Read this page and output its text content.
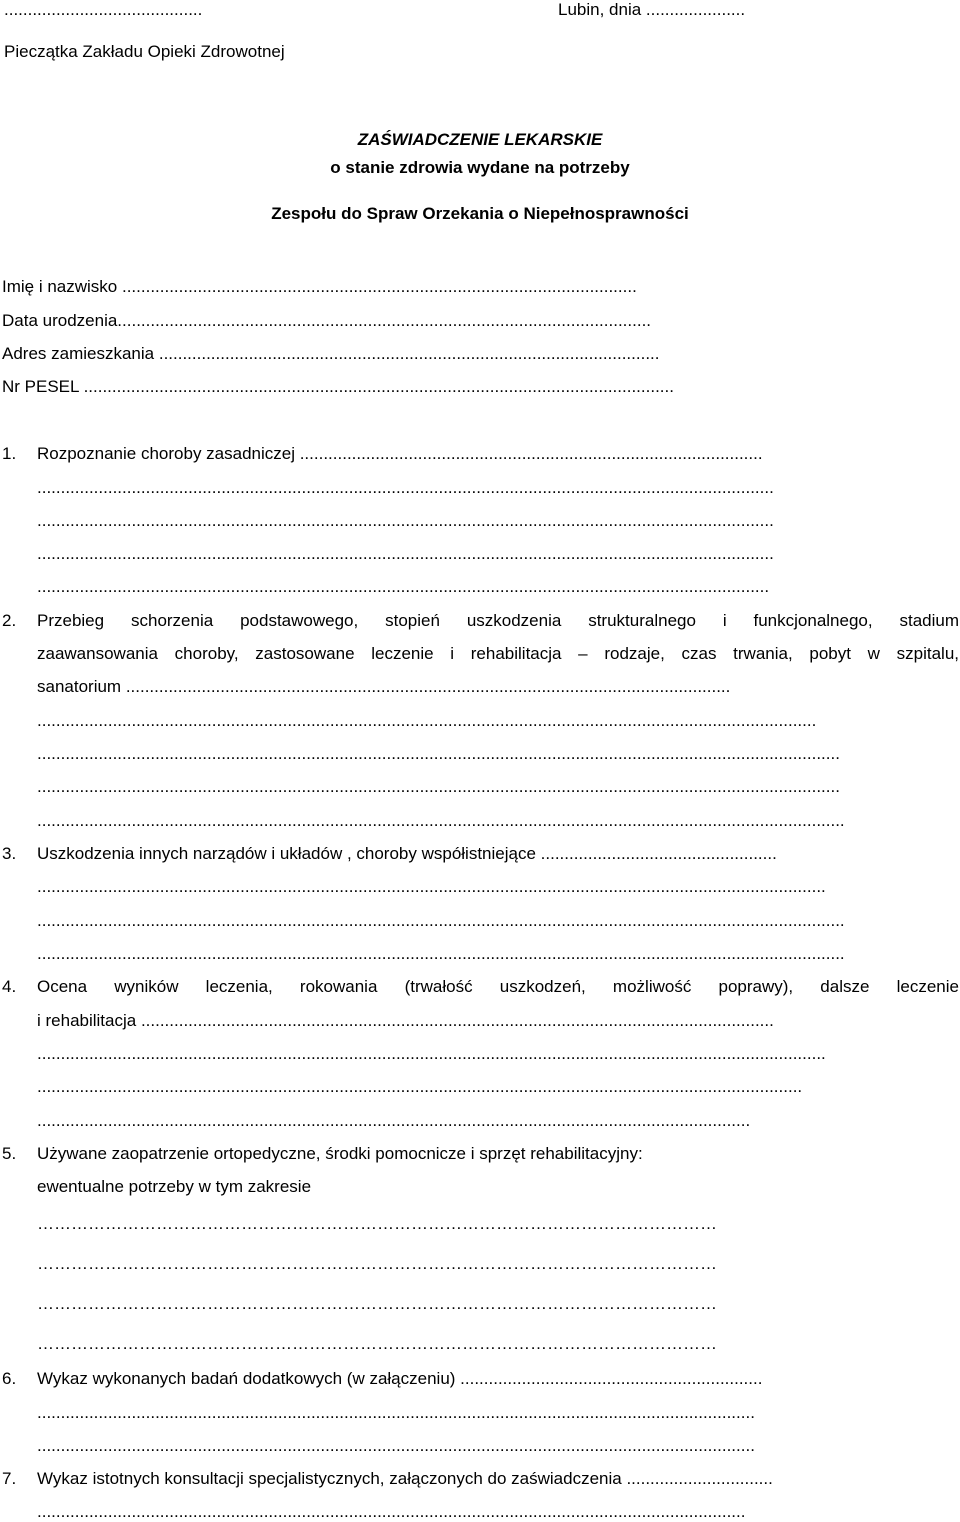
..........................................
Pieczątka Zakładu Opieki Zdrowotnej
Lubin, dnia .....................
ZAŚWIADCZENIE LEKARSKIE
o stanie zdrowia wydane na potrzeby
Zespołu do Spraw Orzekania o Niepełnosprawności
Imię i nazwisko .............................................................................................................
Data urodzenia.................................................................................................................
Adres zamieszkania ..........................................................................................................
Nr PESEL .............................................................................................................................
1. Rozpoznanie choroby zasadniczej ..................................................................................................
............................................................................................................................................................
............................................................................................................................................................
............................................................................................................................................................
...........................................................................................................................................................
2. Przebieg schorzenia podstawowego, stopień uszkodzenia strukturalnego i funkcjonalnego, stadium
zaawansowania choroby, zastosowane leczenie i rehabilitacja – rodzaje, czas trwania, pobyt w szpitalu,
sanatorium ................................................................................................................................
.....................................................................................................................................................................
..........................................................................................................................................................................
..........................................................................................................................................................................
...........................................................................................................................................................................
3. Uszkodzenia innych narządów i układów , choroby współistniejące ..................................................
.......................................................................................................................................................................
...........................................................................................................................................................................
...........................................................................................................................................................................
4. Ocena wyników leczenia, rokowania (trwałość uszkodzeń, możliwość poprawy), dalsze leczenie
i rehabilitacja ......................................................................................................................................
.......................................................................................................................................................................
..................................................................................................................................................................
.......................................................................................................................................................
5. Używane zaopatrzenie ortopedyczne, środki pomocnicze i sprzęt rehabilitacyjny:
ewentualne potrzeby w tym zakresie
…………………………………………………………………………………………………………
…………………………………………………………………………………………………………
…………………………………………………………………………………………………………
…………………………………………………………………………………………………………
6. Wykaz wykonanych badań dodatkowych (w załączeniu) ................................................................
........................................................................................................................................................
........................................................................................................................................................
7. Wykaz istotnych konsultacji specjalistycznych, załączonych do zaświadczenia ...............................
......................................................................................................................................................
